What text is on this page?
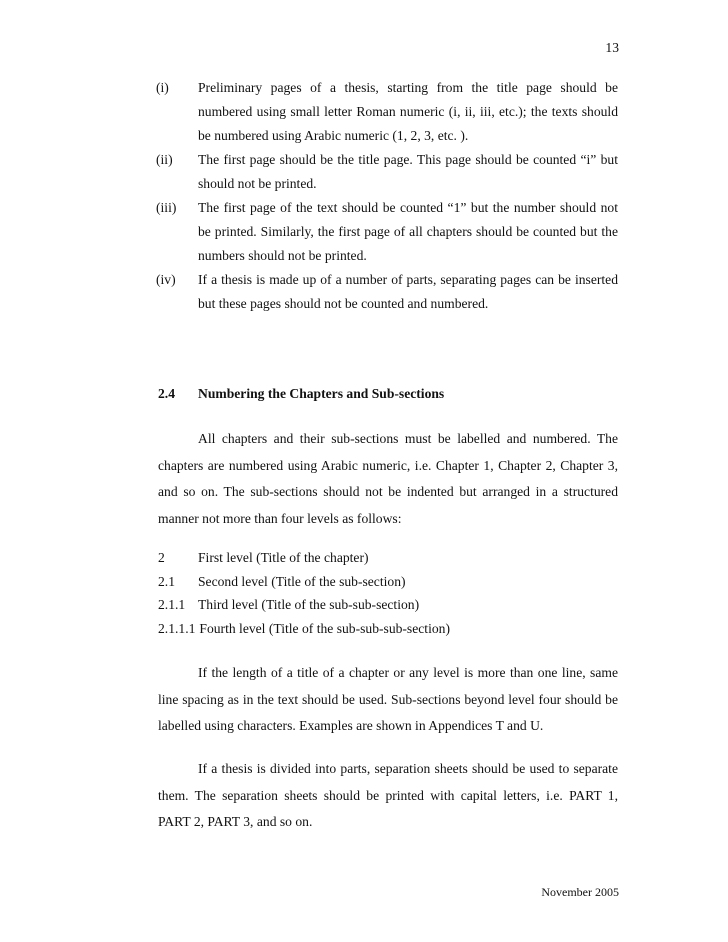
13
(i) Preliminary pages of a thesis, starting from the title page should be numbered using small letter Roman numeric (i, ii, iii, etc.); the texts should be numbered using Arabic numeric (1, 2, 3, etc. ).
(ii) The first page should be the title page. This page should be counted “i” but should not be printed.
(iii) The first page of the text should be counted “1” but the number should not be printed. Similarly, the first page of all chapters should be counted but the numbers should not be printed.
(iv) If a thesis is made up of a number of parts, separating pages can be inserted but these pages should not be counted and numbered.
2.4 Numbering the Chapters and Sub-sections
All chapters and their sub-sections must be labelled and numbered. The chapters are numbered using Arabic numeric, i.e. Chapter 1, Chapter 2, Chapter 3, and so on. The sub-sections should not be indented but arranged in a structured manner not more than four levels as follows:
2 First level (Title of the chapter)
2.1 Second level (Title of the sub-section)
2.1.1 Third level (Title of the sub-sub-section)
2.1.1.1 Fourth level (Title of the sub-sub-sub-section)
If the length of a title of a chapter or any level is more than one line, same line spacing as in the text should be used. Sub-sections beyond level four should be labelled using characters. Examples are shown in Appendices T and U.
If a thesis is divided into parts, separation sheets should be used to separate them. The separation sheets should be printed with capital letters, i.e. PART 1, PART 2, PART 3, and so on.
November 2005
